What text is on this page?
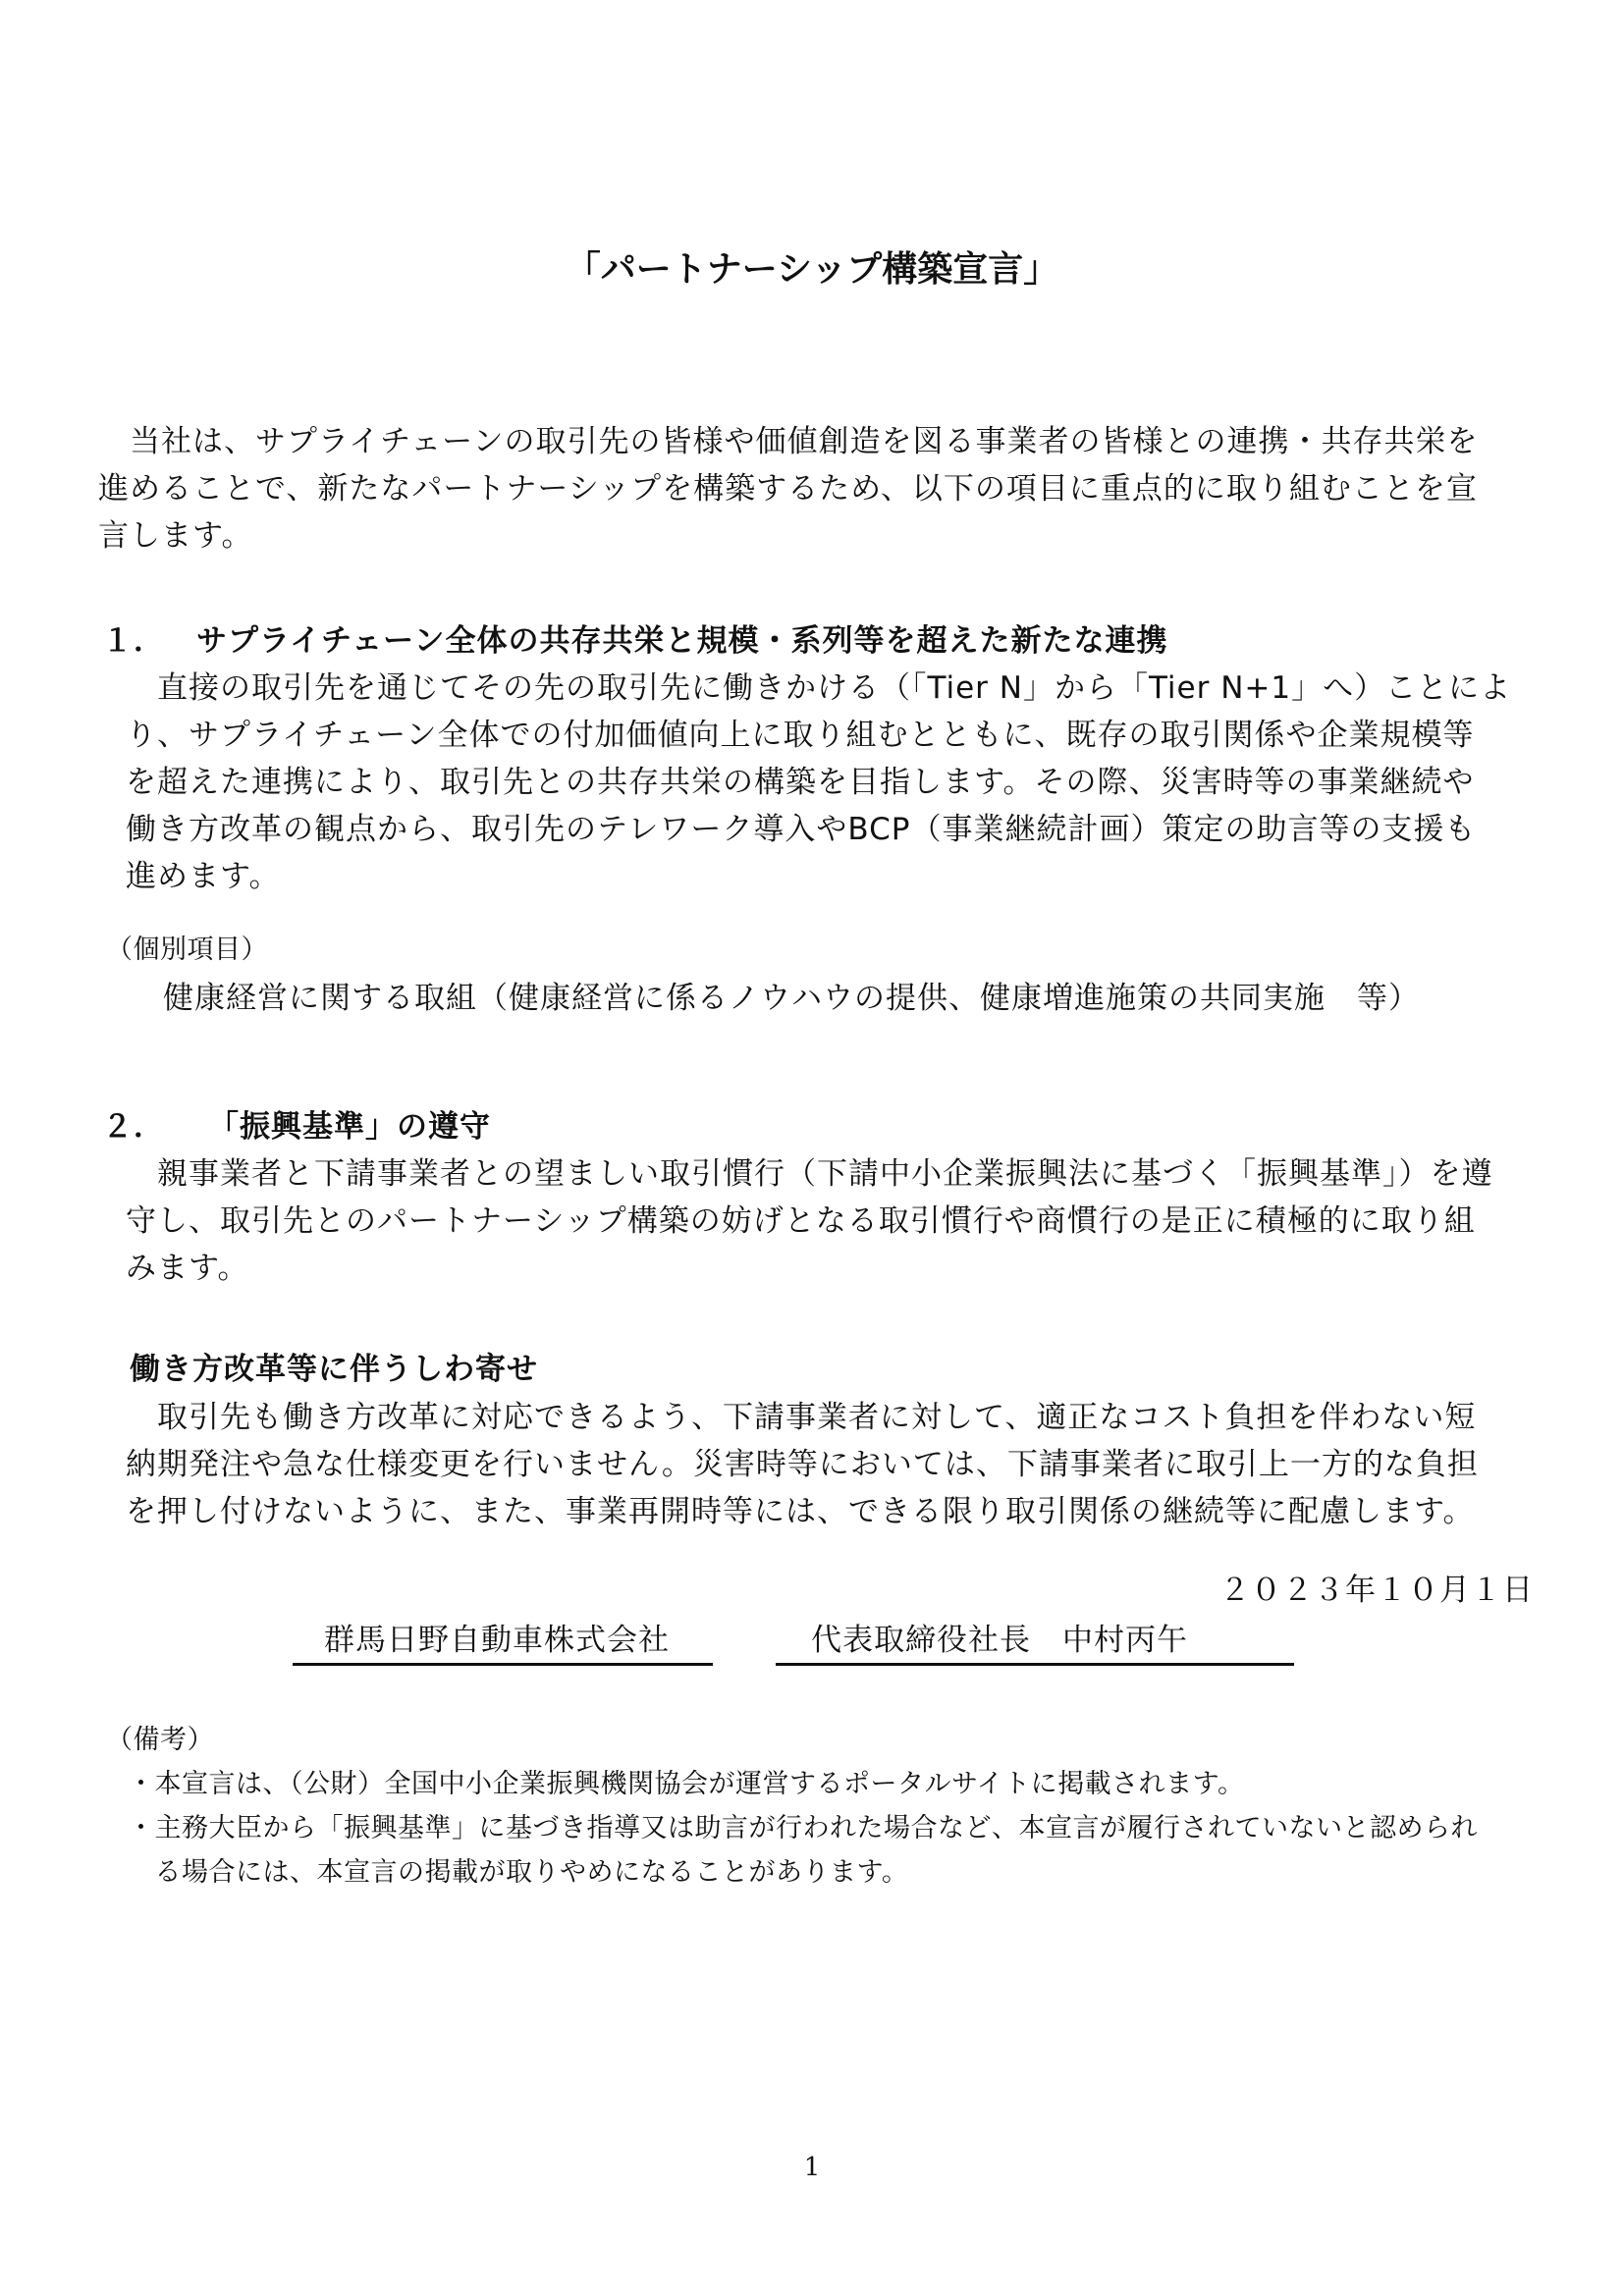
「パートナーシップ構築宣言」
　当社は、サプライチェーンの取引先の皆様や価値創造を図る事業者の皆様との連携・共存共栄を
進めることで、新たなパートナーシップを構築するため、以下の項目に重点的に取り組むことを宣
言します。
１． サプライチェーン全体の共存共栄と規模・系列等を超えた新たな連携
　直接の取引先を通じてその先の取引先に働きかける（「Tier N」から「Tier N+1」へ）ことによ
り、サプライチェーン全体での付加価値向上に取り組むとともに、既存の取引関係や企業規模等
を超えた連携により、取引先との共存共栄の構築を目指します。その際、災害時等の事業継続や
働き方改革の観点から、取引先のテレワーク導入やBCP（事業継続計画）策定の助言等の支援も
進めます。
（個別項目）
健康経営に関する取組（健康経営に係るノウハウの提供、健康増進施策の共同実施　等）
２． 「振興基準」の遵守
　親事業者と下請事業者との望ましい取引慣行（下請中小企業振興法に基づく「振興基準」）を遵
守し、取引先とのパートナーシップ構築の妨げとなる取引慣行や商慣行の是正に積極的に取り組
みます。
働き方改革等に伴うしわ寄せ
　取引先も働き方改革に対応できるよう、下請事業者に対して、適正なコスト負担を伴わない短
納期発注や急な仕様変更を行いません。災害時等においては、下請事業者に取引上一方的な負担
を押し付けないように、また、事業再開時等には、できる限り取引関係の継続等に配慮します。
２０２３年１０月１日
群馬日野自動車株式会社	代表取締役社長　中村丙午
（備考）
・本宣言は、（公財）全国中小企業振興機関協会が運営するポータルサイトに掲載されます。
・主務大臣から「振興基準」に基づき指導又は助言が行われた場合など、本宣言が履行されていないと認められ
　る場合には、本宣言の掲載が取りやめになることがあります。
1
